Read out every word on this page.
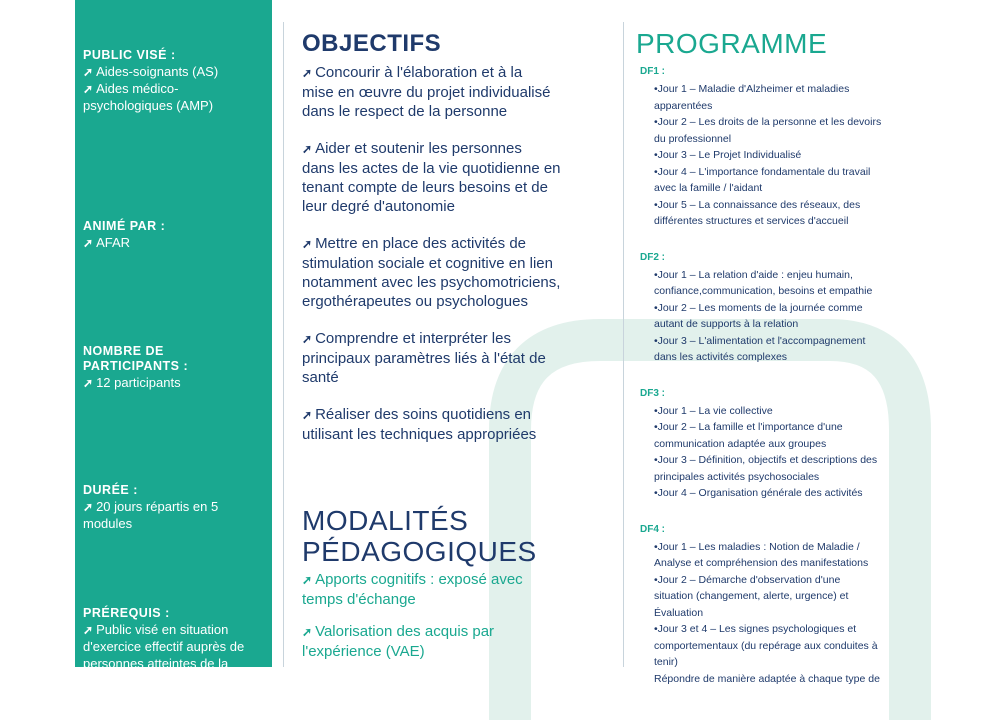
PUBLIC VISÉ :
➚ Aides-soignants (AS)
➚ Aides médico-
psychologiques (AMP)
ANIMÉ PAR :
➚ AFAR
NOMBRE DE
PARTICIPANTS :
➚ 12 participants
DURÉE :
➚ 20 jours répartis en 5
modules
PRÉREQUIS :
➚ Public visé en situation
d'exercice effectif auprès de
personnes atteintes de la
OBJECTIFS
➚ Concourir à l'élaboration et à la
mise en œuvre du projet individualisé
dans le respect de la personne
➚ Aider et soutenir les personnes
dans les actes de la vie quotidienne en
tenant compte de leurs besoins et de
leur degré d'autonomie
➚ Mettre en place des activités de
stimulation sociale et cognitive en lien
notamment avec les psychomotriciens,
ergothérapeutes ou psychologues
➚ Comprendre et interpréter les
principaux paramètres liés à l'état de
santé
➚ Réaliser des soins quotidiens en
utilisant les techniques appropriées
MODALITÉS
PÉDAGOGIQUES
➚ Apports cognitifs : exposé avec
temps d'échange
➚ Valorisation des acquis par
l'expérience (VAE)
PROGRAMME
DF1 :
•Jour 1 – Maladie d'Alzheimer et maladies
apparentées
•Jour 2 – Les droits de la personne et les devoirs
du professionnel
•Jour 3 – Le Projet Individualisé
•Jour 4 – L'importance fondamentale du travail
avec la famille / l'aidant
•Jour 5 – La connaissance des réseaux, des
différentes structures et services d'accueil
DF2 :
•Jour 1 – La relation d'aide : enjeu humain,
confiance,communication, besoins et empathie
•Jour 2 – Les moments de la journée comme
autant de supports à la relation
•Jour 3 – L'alimentation et l'accompagnement
dans les activités complexes
DF3 :
•Jour 1 – La vie collective
•Jour 2 – La famille et l'importance d'une
communication adaptée aux groupes
•Jour 3 – Définition, objectifs et descriptions des
principales activités psychosociales
•Jour 4 – Organisation générale des activités
DF4 :
•Jour 1 – Les maladies : Notion de Maladie /
Analyse et compréhension des manifestations
•Jour 2 – Démarche d'observation d'une
situation (changement, alerte, urgence) et
Évaluation
•Jour 3 et 4 – Les signes psychologiques et
comportementaux (du repérage aux conduites à
tenir)
Répondre de manière adaptée à chaque type de
